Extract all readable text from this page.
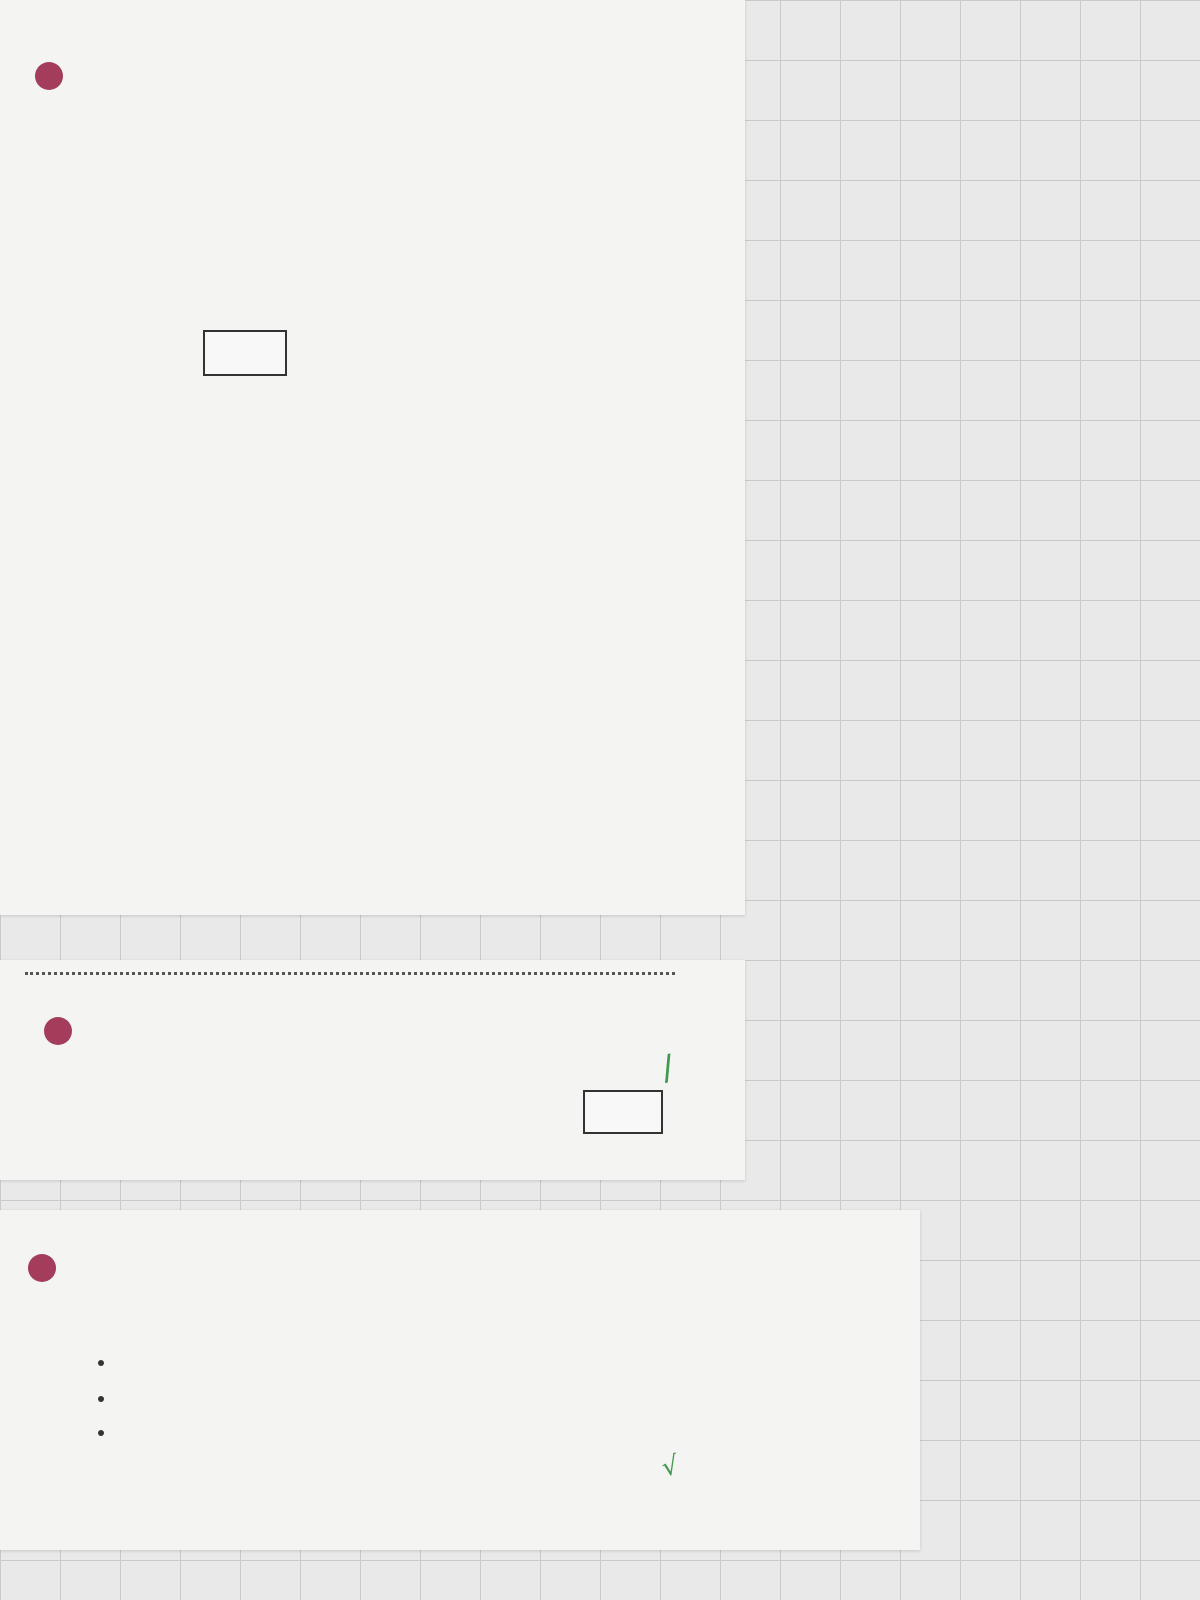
/
√
